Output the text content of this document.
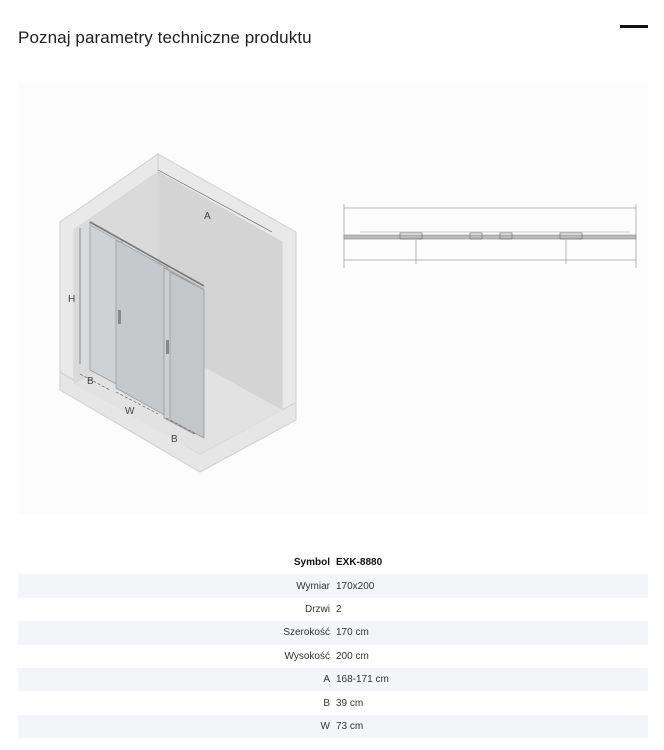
Poznaj parametry techniczne produktu
A
H
B
W
B
Symbol EXK-8880
Wymiar 170x200
Drzwi 2
Szerokość 170 cm
Wysokość 200 cm
A 168-171 cm
B 39 cm
W 73 cm
